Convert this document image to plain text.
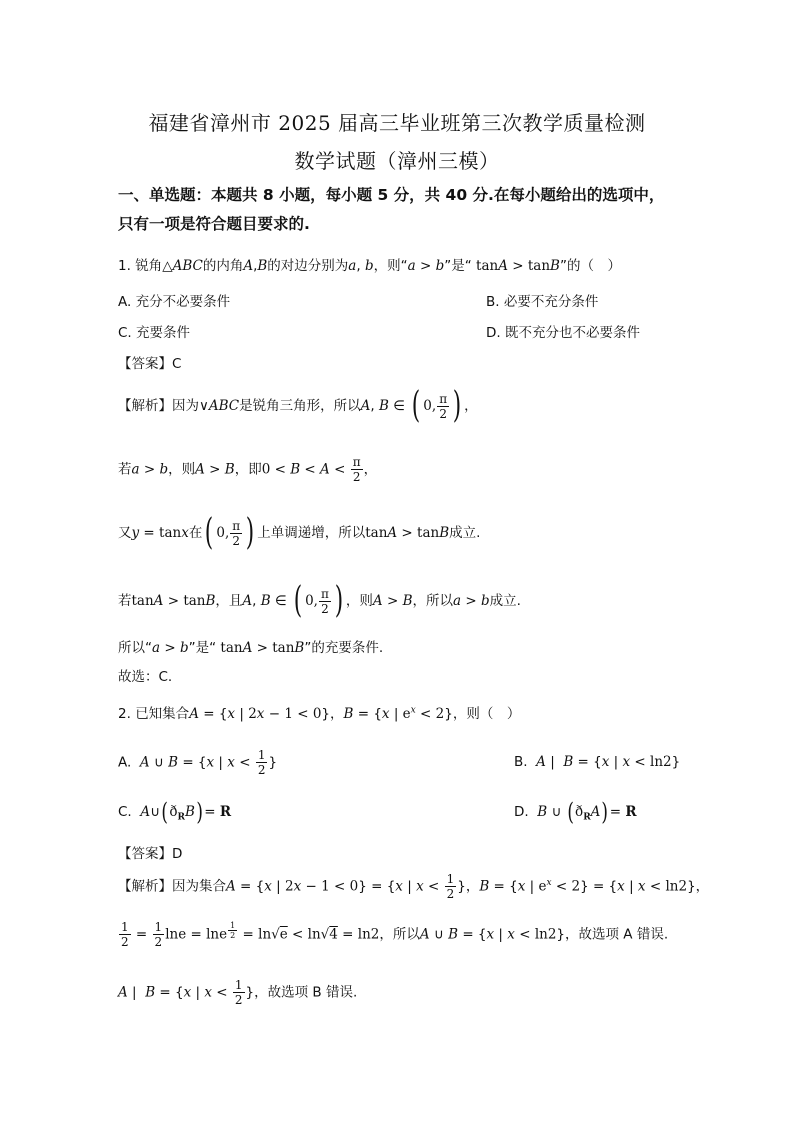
福建省漳州市 2025 届高三毕业班第三次教学质量检测
数学试题（漳州三模）
一、单选题：本题共 8 小题，每小题 5 分，共 40 分.在每小题给出的选项中，只有一项是符合题目要求的.
1. 锐角△ABC的内角A,B的对边分别为a, b，则“a > b”是“ tanA > tanB”的（　）
A. 充分不必要条件	B. 必要不充分条件
C. 充要条件	D. 既不充分也不必要条件
【答案】C
【解析】因为∨ABC是锐角三角形，所以A, B ∈ ( 0, $\frac{\pi}{2}$ ) ，
若a > b，则A > B，即$0 < B < A < \frac{\pi}{2}$ ，
又y = tanx在( 0, $\frac{\pi}{2}$ ) 上单调递增，所以tanA > tanB成立.
若tanA > tanB，且A, B ∈ ( 0, $\frac{\pi}{2}$ ) ，则A > B，所以a > b成立.
所以“a > b”是“ tanA > tanB”的充要条件.
故选：C.
2. 已知集合A = {x | 2x − 1 < 0}，B = {x | $e^x < 2$}，则（　）
A. A ∪ B = {x | $x < \frac{1}{2}$ }	B. A |  B = {x | x < ln2}
C. $A\cup(ð_RB)= R$	D. B ∪ $(ð_RA)= R$
【答案】D
【解析】因为集合A = {x | 2x − 1 < 0} = {x | $x < \frac{1}{2}$ }，B = {x | $e^x < 2\} = \{x$ | x < ln2}，
$\frac{1}{2} = \frac{1}{2}$ lne = lne $^{\frac{1}{2}}$ = ln√e < ln√4 = ln2，所以A ∪ B = {x | x < ln2}，故选项 A 错误.
A |  B = {x | $x < \frac{1}{2}$ }，故选项 B 错误.
